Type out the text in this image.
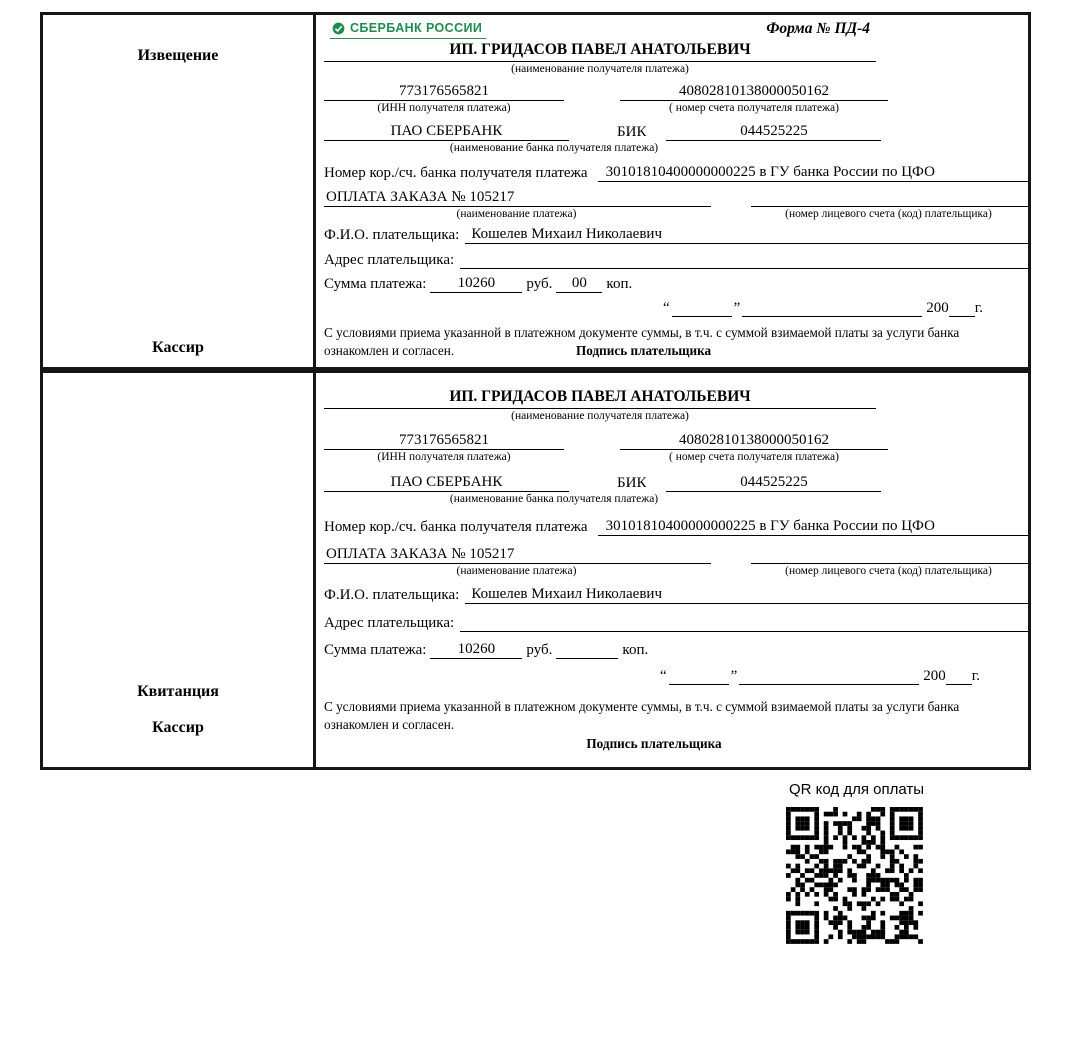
Извещение
Кассир
СБЕРБАНК РОССИИ	Форма № ПД-4
ИП. ГРИДАСОВ ПАВЕЛ АНАТОЛЬЕВИЧ
(наименование получателя платежа)
773176565821	40802810138000050162
(ИНН получателя платежа)	( номер счета получателя платежа)
ПАО СБЕРБАНК	БИК	044525225
(наименование банка получателя платежа)
Номер кор./сч. банка получателя платежа	30101810400000000225 в ГУ банка России по ЦФО
ОПЛАТА ЗАКАЗА № 105217
(наименование платежа)	(номер лицевого счета (код) плательщика)
Ф.И.О. плательщика: Кошелев Михаил Николаевич
Адрес плательщика:
Сумма платежа:	10260	руб.	00	коп.
“	”	200 г.

С условиями приема указанной в платежном документе суммы, в т.ч. с суммой взимаемой платы за услуги банка ознакомлен и согласен.	Подпись плательщика
Квитанция
Кассир
ИП. ГРИДАСОВ ПАВЕЛ АНАТОЛЬЕВИЧ
(наименование получателя платежа)
773176565821	40802810138000050162
(ИНН получателя платежа)	( номер счета получателя платежа)
ПАО СБЕРБАНК	БИК	044525225
(наименование банка получателя платежа)
Номер кор./сч. банка получателя платежа	30101810400000000225 в ГУ банка России по ЦФО
ОПЛАТА ЗАКАЗА № 105217
(наименование платежа)	(номер лицевого счета (код) плательщика)
Ф.И.О. плательщика: Кошелев Михаил Николаевич
Адрес плательщика:
Сумма платежа:	10260	руб.	коп.
“	”	200 г.

С условиями приема указанной в платежном документе суммы, в т.ч. с суммой взимаемой платы за услуги банка ознакомлен и согласен.

Подпись плательщика
QR код для оплаты
